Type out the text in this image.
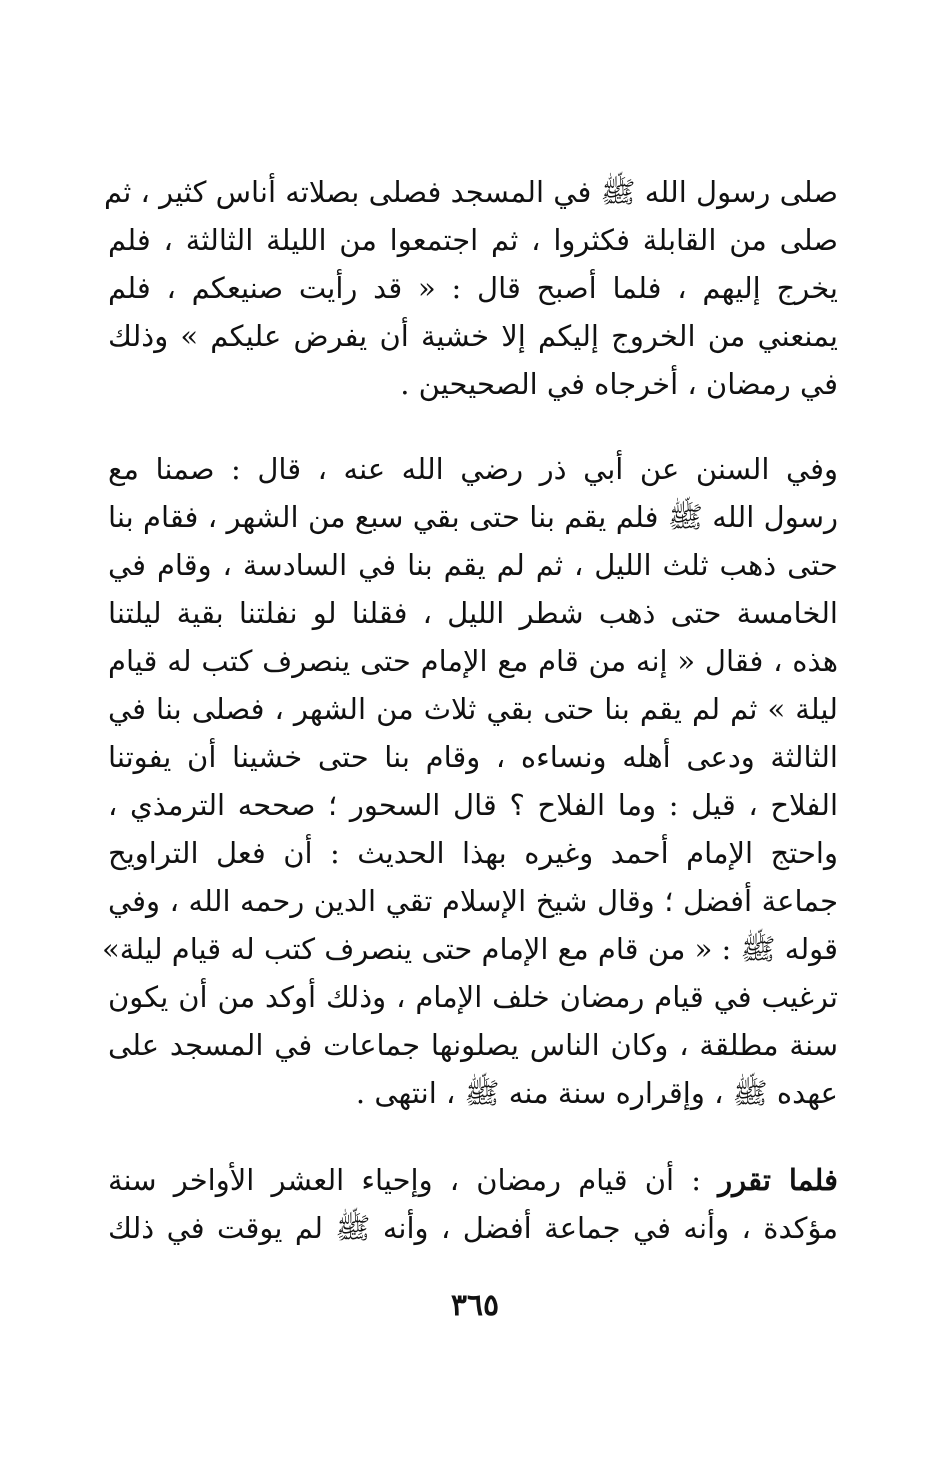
صلى رسول الله ﷺ في المسجد فصلى بصلاته أناس كثير ، ثم
صلى من القابلة فكثروا ، ثم اجتمعوا من الليلة الثالثة ، فلم
يخرج إليهم ، فلما أصبح قال : « قد رأيت صنيعكم ، فلم
يمنعني من الخروج إليكم إلا خشية أن يفرض عليكم » وذلك
في رمضان ، أخرجاه في الصحيحين .
وفي السنن عن أبي ذر رضي الله عنه ، قال : صمنا مع
رسول الله ﷺ فلم يقم بنا حتى بقي سبع من الشهر ، فقام بنا
حتى ذهب ثلث الليل ، ثم لم يقم بنا في السادسة ، وقام في
الخامسة حتى ذهب شطر الليل ، فقلنا لو نفلتنا بقية ليلتنا
هذه ، فقال « إنه من قام مع الإمام حتى ينصرف كتب له قيام
ليلة » ثم لم يقم بنا حتى بقي ثلاث من الشهر ، فصلى بنا في
الثالثة ودعى أهله ونساءه ، وقام بنا حتى خشينا أن يفوتنا
الفلاح ، قيل : وما الفلاح ؟ قال السحور ؛ صححه الترمذي ،
واحتج الإمام أحمد وغيره بهذا الحديث : أن فعل التراويح
جماعة أفضل ؛ وقال شيخ الإسلام تقي الدين رحمه الله ، وفي
قوله ﷺ : « من قام مع الإمام حتى ينصرف كتب له قيام ليلة»
ترغيب في قيام رمضان خلف الإمام ، وذلك أوكد من أن يكون
سنة مطلقة ، وكان الناس يصلونها جماعات في المسجد على
عهده ﷺ ، وإقراره سنة منه ﷺ ، انتهى .
فلما تقرر : أن قيام رمضان ، وإحياء العشر الأواخر سنة
مؤكدة ، وأنه في جماعة أفضل ، وأنه ﷺ لم يوقت في ذلك
٣٦٥
